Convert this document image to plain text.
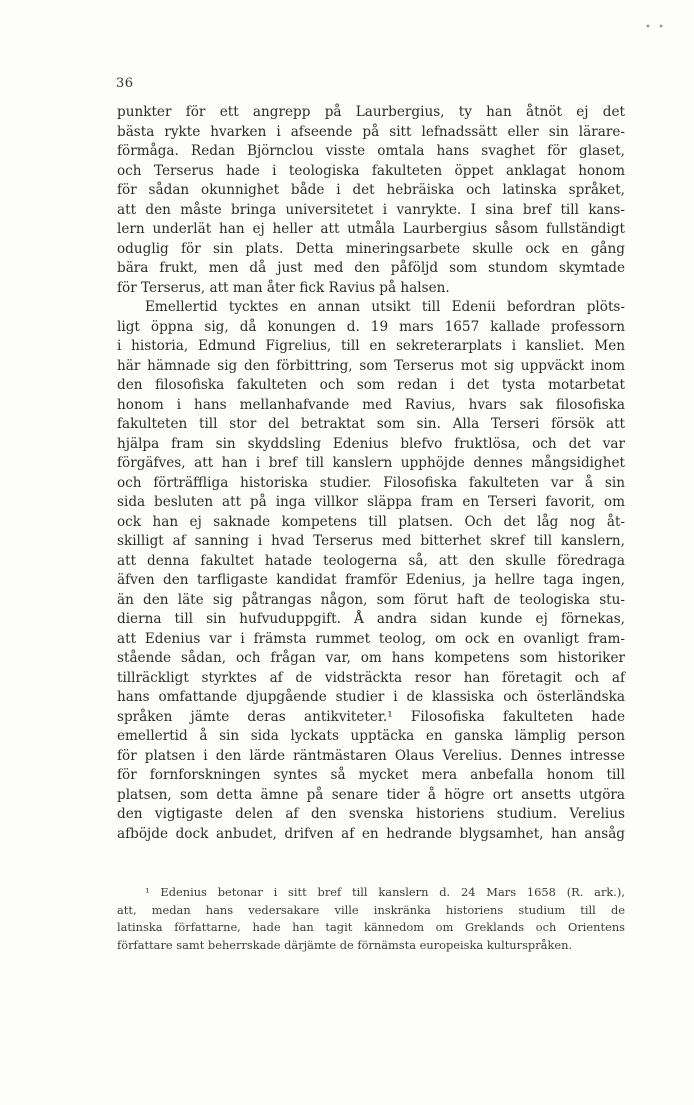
• •
36
punkter för ett angrepp på Laurbergius, ty han åtnöt ej det
bästa rykte hvarken i afseende på sitt lefnadssätt eller sin lärare-
förmåga. Redan Björnclou visste omtala hans svaghet för glaset,
och Terserus hade i teologiska fakulteten öppet anklagat honom
för sådan okunnighet både i det hebräiska och latinska språket,
att den måste bringa universitetet i vanrykte. I sina bref till kans-
lern underlät han ej heller att utmåla Laurbergius såsom fullständigt
oduglig för sin plats. Detta mineringsarbete skulle ock en gång
bära frukt, men då just med den påföljd som stundom skymtade
för Terserus, att man åter fick Ravius på halsen.
Emellertid tycktes en annan utsikt till Edenii befordran plöts-
ligt öppna sig, då konungen d. 19 mars 1657 kallade professorn
i historia, Edmund Figrelius, till en sekreterarplats i kansliet. Men
här hämnade sig den förbittring, som Terserus mot sig uppväckt inom
den filosofiska fakulteten och som redan i det tysta motarbetat
honom i hans mellanhafvande med Ravius, hvars sak filosofiska
fakulteten till stor del betraktat som sin. Alla Terseri försök att
hjälpa fram sin skyddsling Edenius blefvo fruktlösa, och det var
förgäfves, att han i bref till kanslern upphöjde dennes mångsidighet
och förträffliga historiska studier. Filosofiska fakulteten var å sin
sida besluten att på inga villkor släppa fram en Terseri favorit, om
ock han ej saknade kompetens till platsen. Och det låg nog åt-
skilligt af sanning i hvad Terserus med bitterhet skref till kanslern,
att denna fakultet hatade teologerna så, att den skulle föredraga
äfven den tarfligaste kandidat framför Edenius, ja hellre taga ingen,
än den läte sig påtrangas någon, som förut haft de teologiska stu-
dierna till sin hufvuduppgift. Å andra sidan kunde ej förnekas,
att Edenius var i främsta rummet teolog, om ock en ovanligt fram-
stående sådan, och frågan var, om hans kompetens som historiker
tillräckligt styrktes af de vidsträckta resor han företagit och af
hans omfattande djupgående studier i de klassiska och österländska
språken jämte deras antikviteter.¹ Filosofiska fakulteten hade
emellertid å sin sida lyckats upptäcka en ganska lämplig person
för platsen i den lärde räntmästaren Olaus Verelius. Dennes intresse
för fornforskningen syntes så mycket mera anbefalla honom till
platsen, som detta ämne på senare tider å högre ort ansetts utgöra
den vigtigaste delen af den svenska historiens studium. Verelius
afböjde dock anbudet, drifven af en hedrande blygsamhet, han ansåg
¹ Edenius betonar i sitt bref till kanslern d. 24 Mars 1658 (R. ark.),
att, medan hans vedersakare ville inskränka historiens studium till de
latinska författarne, hade han tagit kännedom om Greklands och Orientens
författare samt beherrskade därjämte de förnämsta europeiska kulturspråken.
